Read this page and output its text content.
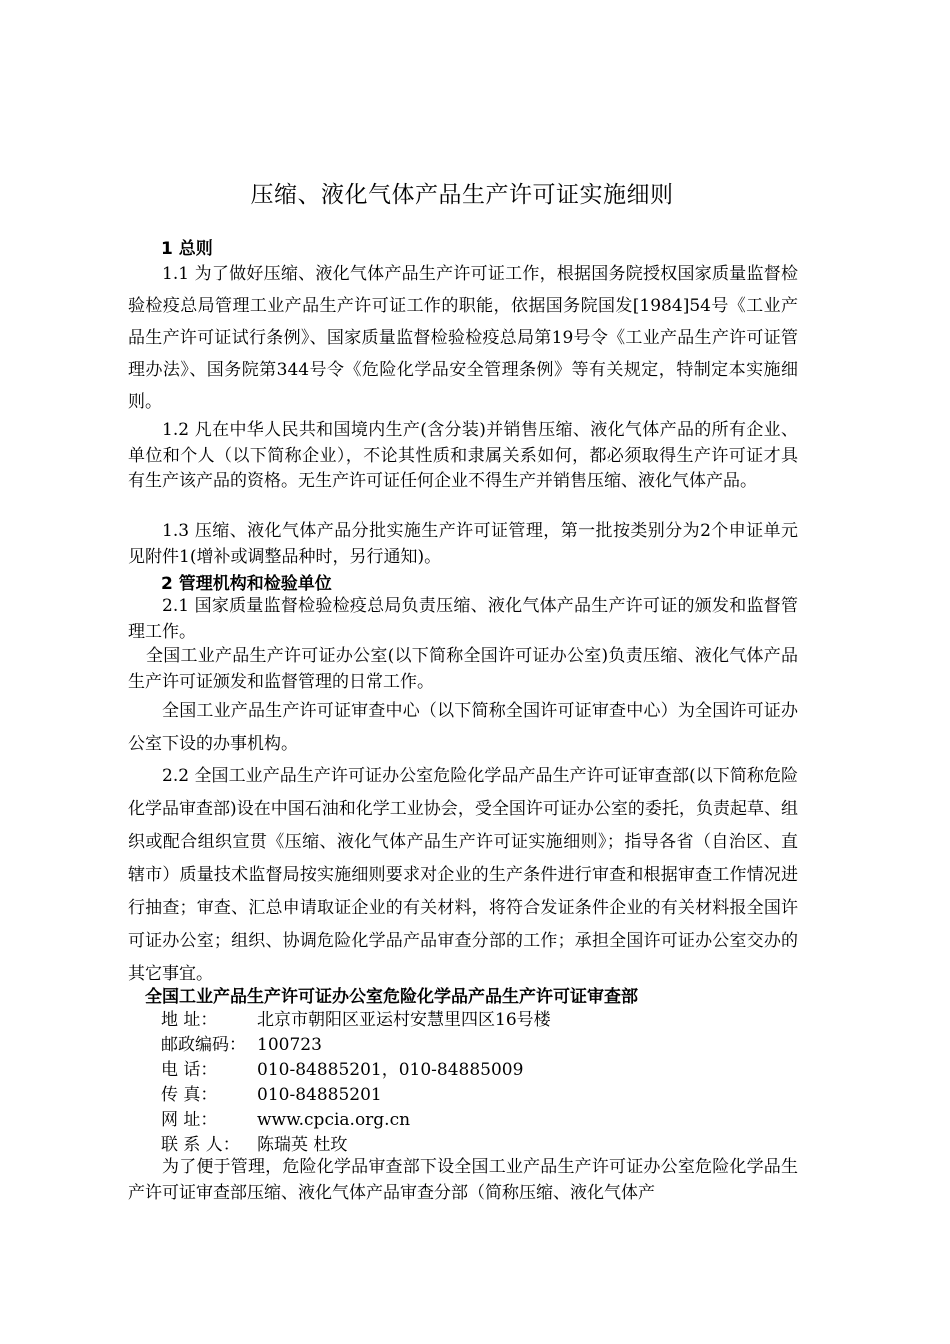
压缩、液化气体产品生产许可证实施细则
1 总则
1.1 为了做好压缩、液化气体产品生产许可证工作，根据国务院授权国家质量监督检验检疫总局管理工业产品生产许可证工作的职能，依据国务院国发[1984]54号《工业产品生产许可证试行条例》、国家质量监督检验检疫总局第19号令《工业产品生产许可证管理办法》、国务院第344号令《危险化学品安全管理条例》等有关规定，特制定本实施细则。
1.2 凡在中华人民共和国境内生产(含分装)并销售压缩、液化气体产品的所有企业、单位和个人（以下简称企业），不论其性质和隶属关系如何，都必须取得生产许可证才具有生产该产品的资格。无生产许可证任何企业不得生产并销售压缩、液化气体产品。
1.3 压缩、液化气体产品分批实施生产许可证管理，第一批按类别分为2个申证单元见附件1(增补或调整品种时，另行通知)。
2 管理机构和检验单位
2.1 国家质量监督检验检疫总局负责压缩、液化气体产品生产许可证的颁发和监督管理工作。
全国工业产品生产许可证办公室(以下简称全国许可证办公室)负责压缩、液化气体产品生产许可证颁发和监督管理的日常工作。
全国工业产品生产许可证审查中心（以下简称全国许可证审查中心）为全国许可证办公室下设的办事机构。
2.2 全国工业产品生产许可证办公室危险化学品产品生产许可证审查部(以下简称危险化学品审查部)设在中国石油和化学工业协会，受全国许可证办公室的委托，负责起草、组织或配合组织宣贯《压缩、液化气体产品生产许可证实施细则》；指导各省（自治区、直辖市）质量技术监督局按实施细则要求对企业的生产条件进行审查和根据审查工作情况进行抽查；审查、汇总申请取证企业的有关材料，将符合发证条件企业的有关材料报全国许可证办公室；组织、协调危险化学品产品审查分部的工作；承担全国许可证办公室交办的其它事宜。
全国工业产品生产许可证办公室危险化学品产品生产许可证审查部
地 址： 北京市朝阳区亚运村安慧里四区16号楼
邮政编码： 100723
电 话： 010-84885201，010-84885009
传 真： 010-84885201
网 址： www.cpcia.org.cn
联 系 人： 陈瑞英 杜玫
为了便于管理，危险化学品审查部下设全国工业产品生产许可证办公室危险化学品生产许可证审查部压缩、液化气体产品审查分部（简称压缩、液化气体产
